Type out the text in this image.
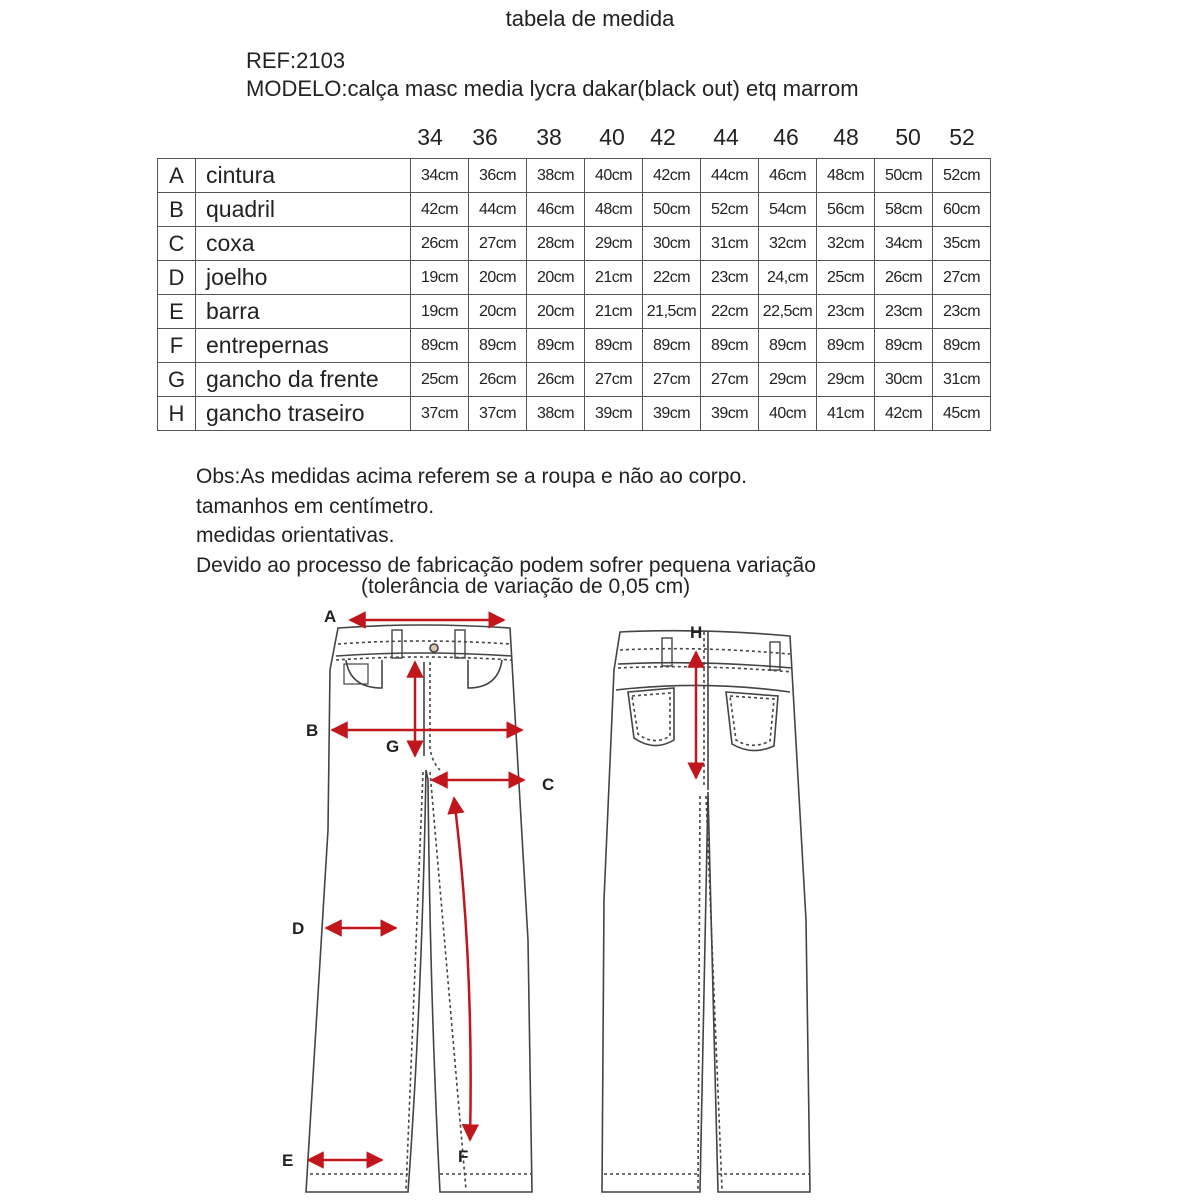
tabela de medida
REF:2103
MODELO:calça masc media lycra dakar(black out) etq marrom
34	36	38	40	42	44	46	48	50	52
A	cintura	34cm	36cm	38cm	40cm	42cm	44cm	46cm	48cm	50cm	52cm
B	quadril	42cm	44cm	46cm	48cm	50cm	52cm	54cm	56cm	58cm	60cm
C	coxa	26cm	27cm	28cm	29cm	30cm	31cm	32cm	32cm	34cm	35cm
D	joelho	19cm	20cm	20cm	21cm	22cm	23cm	24,cm	25cm	26cm	27cm
E	barra	19cm	20cm	20cm	21cm	21,5cm	22cm	22,5cm	23cm	23cm	23cm
F	entrepernas	89cm	89cm	89cm	89cm	89cm	89cm	89cm	89cm	89cm	89cm
G	gancho da frente	25cm	26cm	26cm	27cm	27cm	27cm	29cm	29cm	30cm	31cm
H	gancho traseiro	37cm	37cm	38cm	39cm	39cm	39cm	40cm	41cm	42cm	45cm
Obs:As medidas acima referem se a roupa e não ao corpo.
tamanhos em centímetro.
medidas orientativas.
Devido ao processo de fabricação podem sofrer pequena variação
(tolerância de variação de 0,05 cm)
A
B
G
C
D
E	F
H
